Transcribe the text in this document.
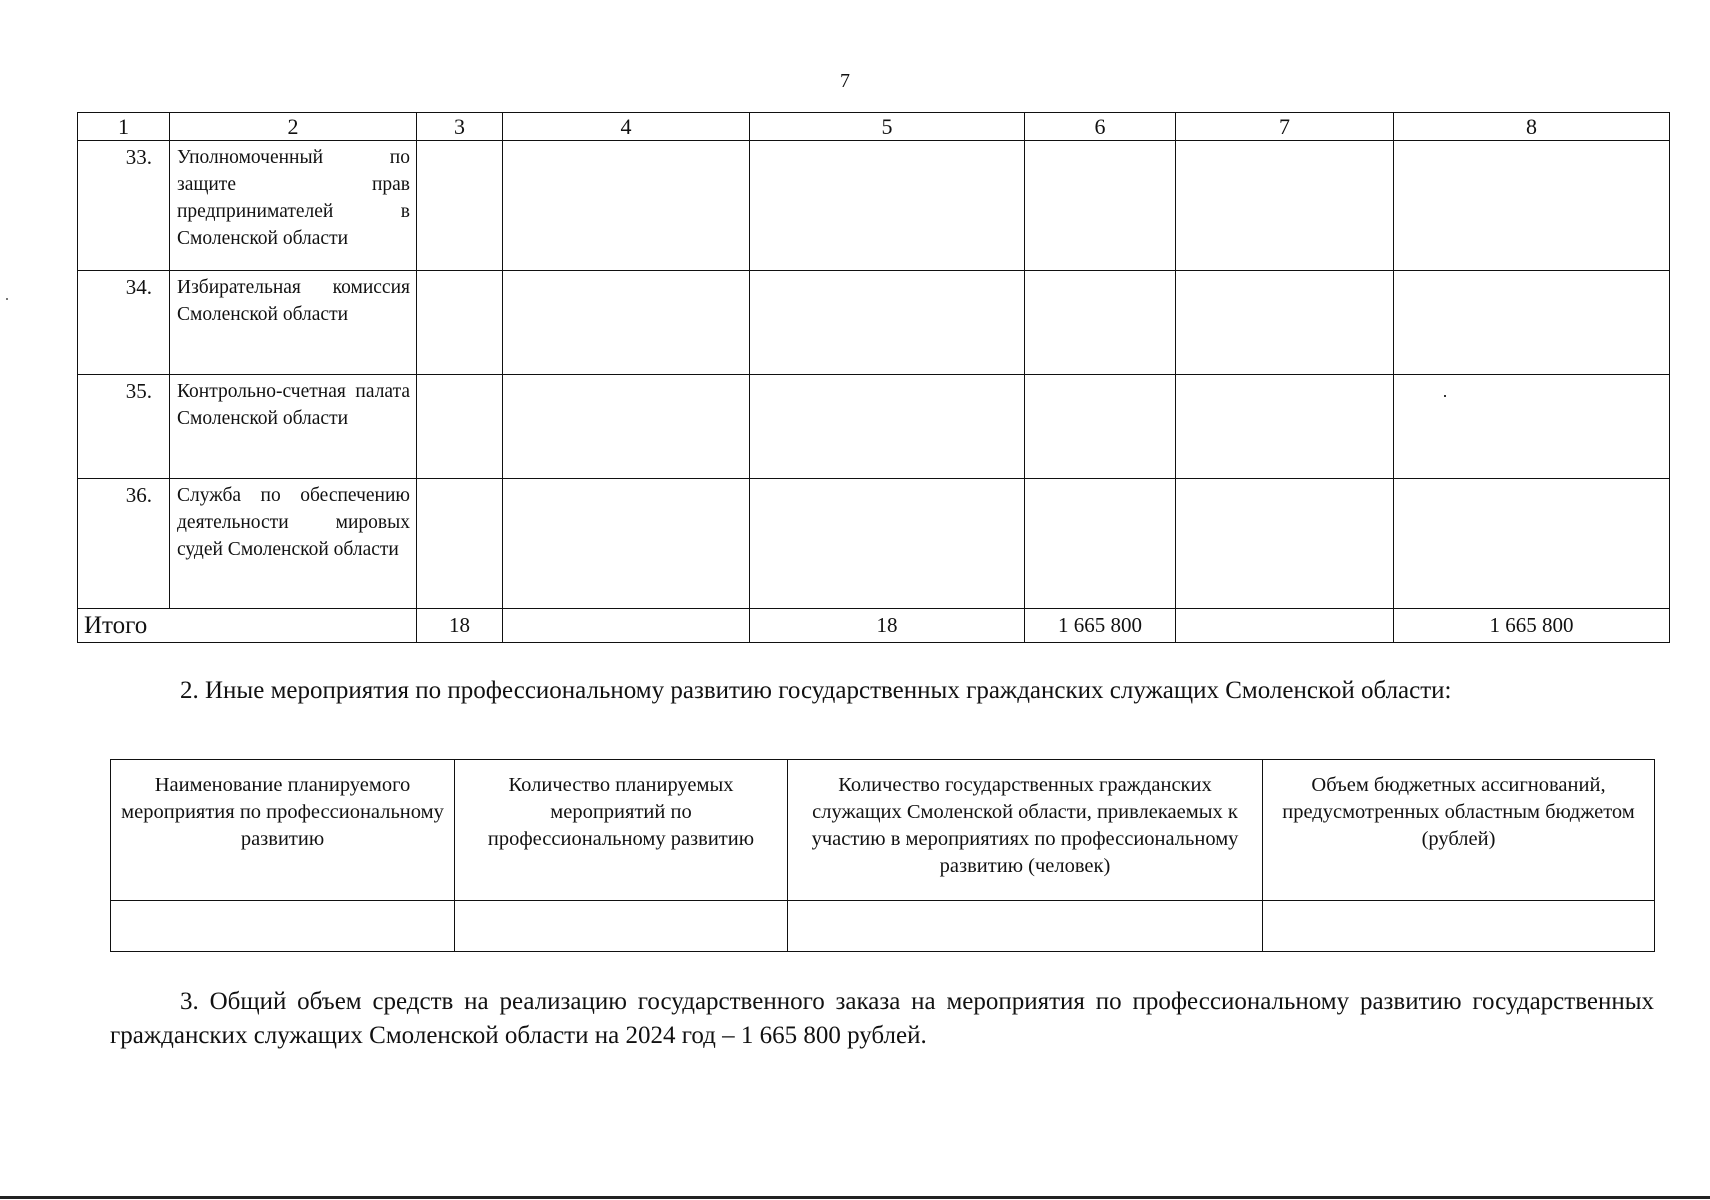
7
1	2	3	4	5	6	7	8
33.	Уполномоченный по защите прав предпринимателей в Смоленской области						
34.	Избирательная комиссия Смоленской области						
35.	Контрольно-счетная палата Смоленской области						
36.	Служба по обеспечению деятельности мировых судей Смоленской области						
Итого		18		18	1 665 800		1 665 800
2. Иные мероприятия по профессиональному развитию государственных гражданских служащих Смоленской области:
Наименование планируемого мероприятия по профессиональному развитию	Количество планируемых мероприятий по профессиональному развитию	Количество государственных гражданских служащих Смоленской области, привлекаемых к участию в мероприятиях по профессиональному развитию (человек)	Объем бюджетных ассигнований, предусмотренных областным бюджетом (рублей)

3. Общий объем средств на реализацию государственного заказа на мероприятия по профессиональному развитию государственных гражданских служащих Смоленской области на 2024 год – 1 665 800 рублей.
